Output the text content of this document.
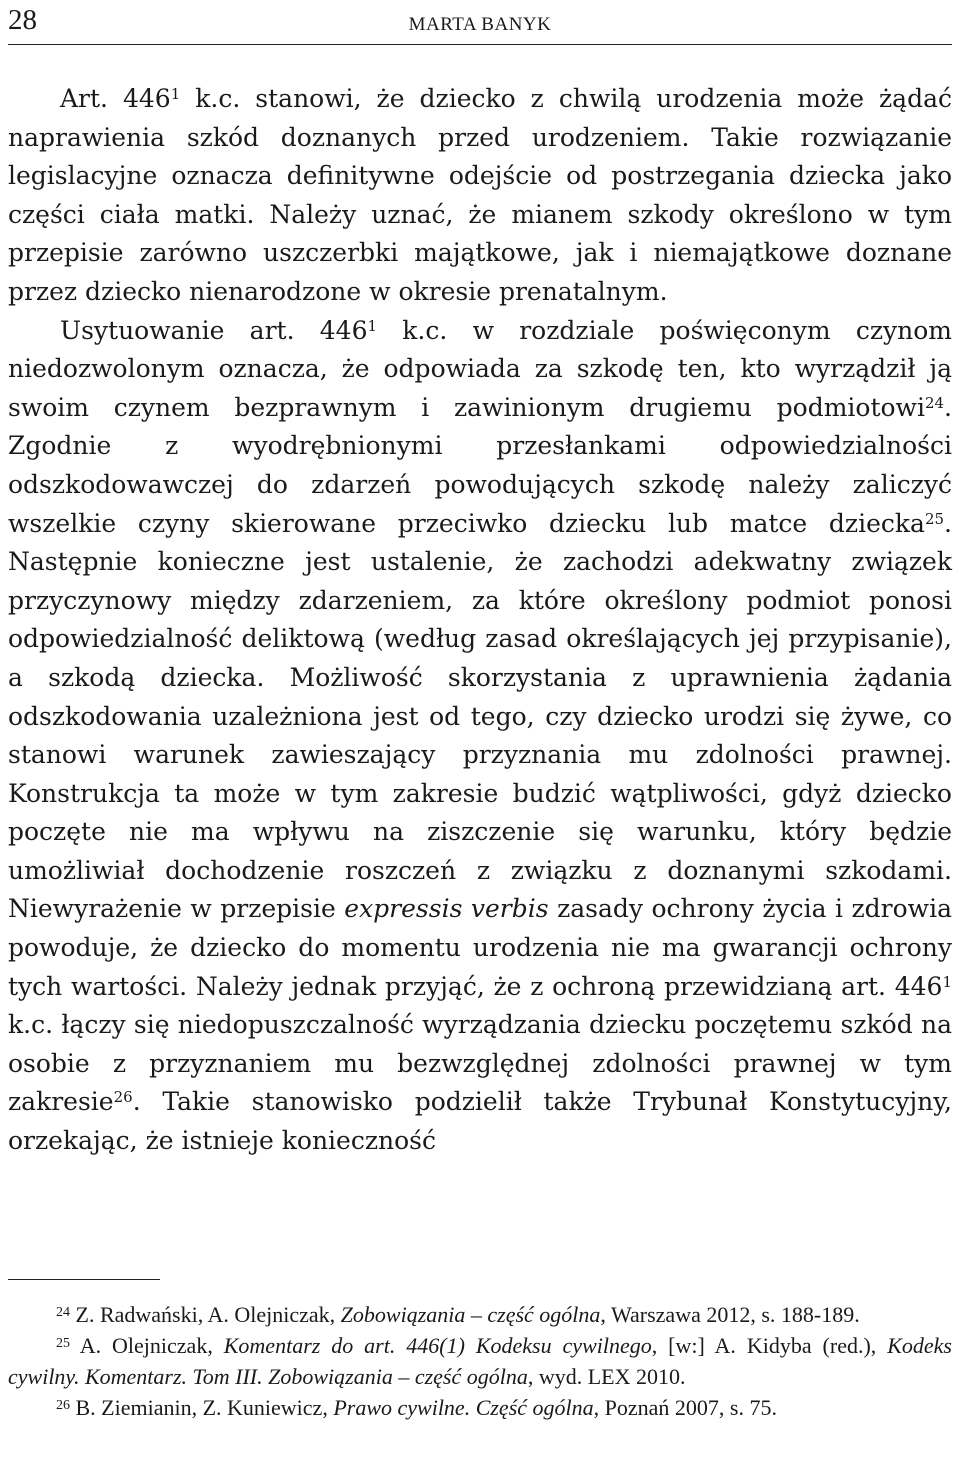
28	MARTA BANYK

Art. $446^1$ k.c. stanowi, że dziecko z chwilą urodzenia może żądać naprawienia szkód doznanych przed urodzeniem. Takie rozwiązanie legislacyjne oznacza definitywne odejście od postrzegania dziecka jako części ciała matki. Należy uznać, że mianem szkody określono w tym przepisie zarówno uszczerbki majątkowe, jak i niemajątkowe doznane przez dziecko nienarodzone w okresie prenatalnym.

Usytuowanie art. $446^1$ k.c. w rozdziale poświęconym czynom niedozwolonym oznacza, że odpowiada za szkodę ten, kto wyrządził ją swoim czynem bezprawnym i zawinionym drugiemu podmiotowi$^{24}$. Zgodnie z wyodrębnionymi przesłankami odpowiedzialności odszkodowawczej do zdarzeń powodujących szkodę należy zaliczyć wszelkie czyny skierowane przeciwko dziecku lub matce dziecka$^{25}$. Następnie konieczne jest ustalenie, że zachodzi adekwatny związek przyczynowy między zdarzeniem, za które określony podmiot ponosi odpowiedzialność deliktową (według zasad określających jej przypisanie), a szkodą dziecka. Możliwość skorzystania z uprawnienia żądania odszkodowania uzależniona jest od tego, czy dziecko urodzi się żywe, co stanowi warunek zawieszający przyznania mu zdolności prawnej. Konstrukcja ta może w tym zakresie budzić wątpliwości, gdyż dziecko poczęte nie ma wpływu na ziszczenie się warunku, który będzie umożliwiał dochodzenie roszczeń z związku z doznanymi szkodami. Niewyrażenie w przepisie expressis verbis zasady ochrony życia i zdrowia powoduje, że dziecko do momentu urodzenia nie ma gwarancji ochrony tych wartości. Należy jednak przyjąć, że z ochroną przewidzianą art. $446^1$ k.c. łączy się niedopuszczalność wyrządzania dziecku poczętemu szkód na osobie z przyznaniem mu bezwzględnej zdolności prawnej w tym zakresie$^{26}$. Takie stanowisko podzielił także Trybunał Konstytucyjny, orzekając, że istnieje konieczność

$^{24}$ Z. Radwański, A. Olejniczak, Zobowiązania – część ogólna, Warszawa 2012, s. 188-189.

$^{25}$ A. Olejniczak, Komentarz do art. 446(1) Kodeksu cywilnego, [w:] A. Kidyba (red.), Kodeks cywilny. Komentarz. Tom III. Zobowiązania – część ogólna, wyd. LEX 2010.

$^{26}$ B. Ziemianin, Z. Kuniewicz, Prawo cywilne. Część ogólna, Poznań 2007, s. 75.
